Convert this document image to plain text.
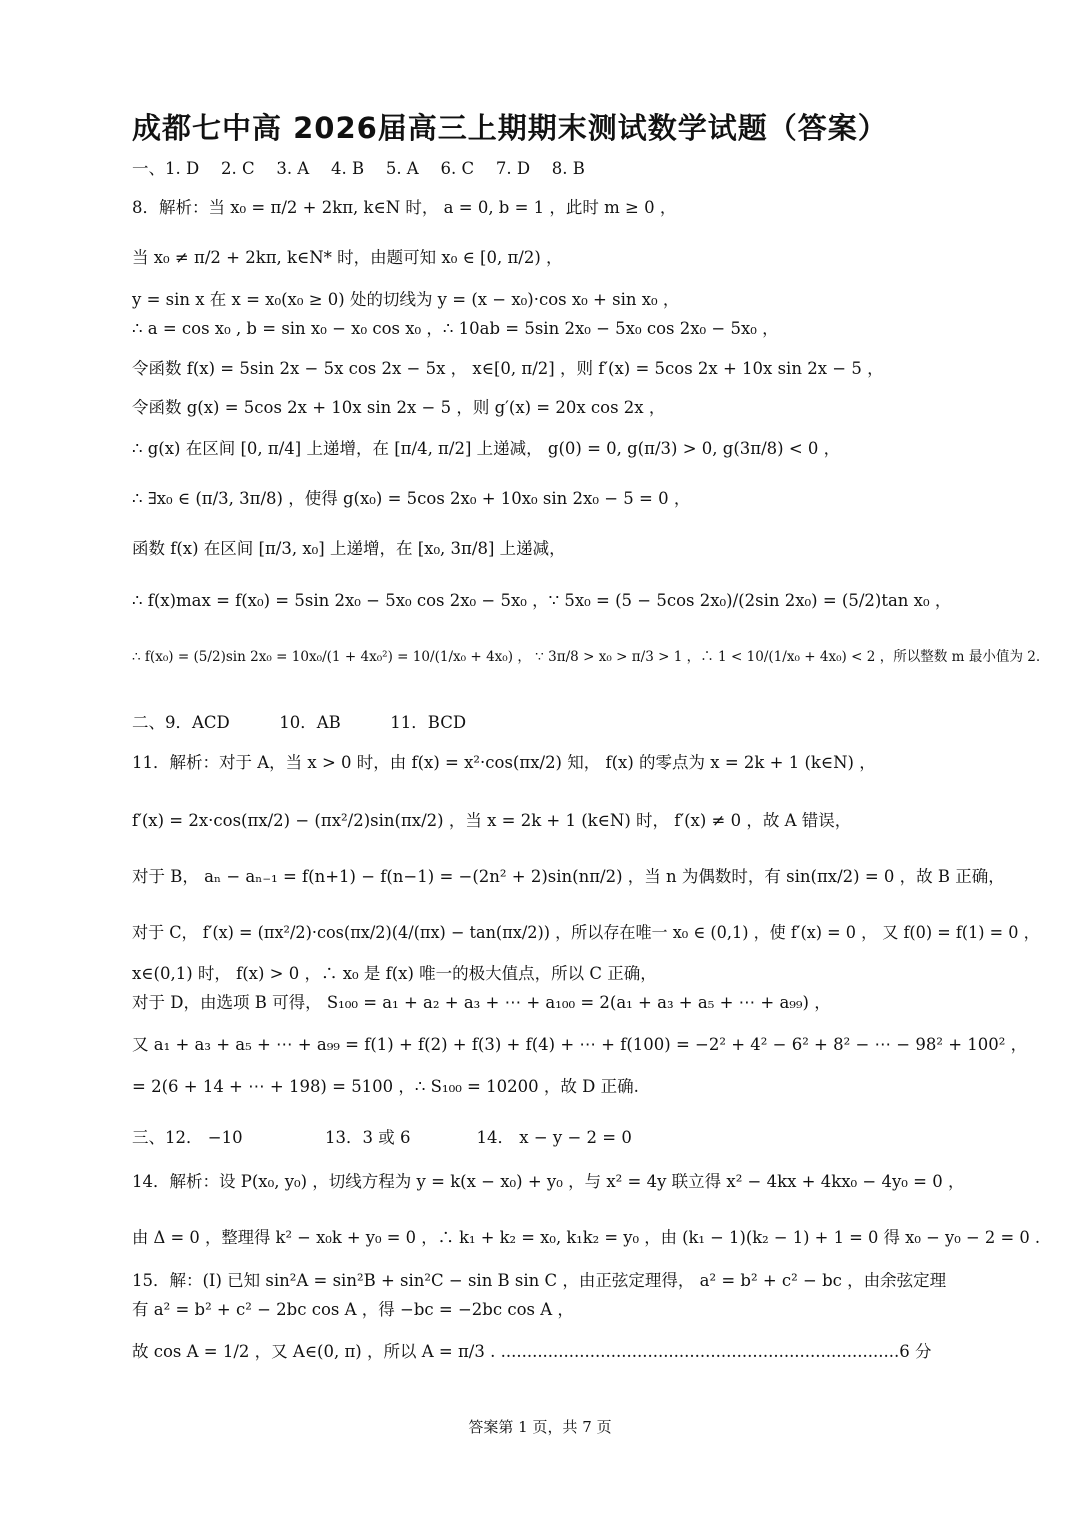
成都七中高 2026届高三上期期末测试数学试题（答案）
一、1. D　 2. C　 3. A　 4. B　 5. A　 6. C　 7. D　 8. B
8．解析：当 x₀ = π/2 + 2kπ, k∈N 时， a = 0, b = 1 ，此时 m ≥ 0 ，
当 x₀ ≠ π/2 + 2kπ, k∈N* 时，由题可知 x₀ ∈ [0, π/2) ，
y = sin x 在 x = x₀(x₀ ≥ 0) 处的切线为 y = (x − x₀)·cos x₀ + sin x₀ ，
∴ a = cos x₀ , b = sin x₀ − x₀ cos x₀ ，∴ 10ab = 5sin 2x₀ − 5x₀ cos 2x₀ − 5x₀ ，
令函数 f(x) = 5sin 2x − 5x cos 2x − 5x ， x∈[0, π/2] ，则 f′(x) = 5cos 2x + 10x sin 2x − 5 ，
令函数 g(x) = 5cos 2x + 10x sin 2x − 5 ，则 g′(x) = 20x cos 2x ，
∴ g(x) 在区间 [0, π/4] 上递增，在 [π/4, π/2] 上递减， g(0) = 0, g(π/3) > 0, g(3π/8) < 0 ，
∴ ∃x₀ ∈ (π/3, 3π/8) ，使得 g(x₀) = 5cos 2x₀ + 10x₀ sin 2x₀ − 5 = 0 ，
函数 f(x) 在区间 [π/3, x₀] 上递增，在 [x₀, 3π/8] 上递减，
∴ f(x)max = f(x₀) = 5sin 2x₀ − 5x₀ cos 2x₀ − 5x₀ ，∵ 5x₀ = (5 − 5cos 2x₀)/(2sin 2x₀) = (5/2)tan x₀ ，
∴ f(x₀) = (5/2)sin 2x₀ = 10x₀/(1 + 4x₀²) = 10/(1/x₀ + 4x₀) ， ∵ 3π/8 > x₀ > π/3 > 1 ，∴ 1 < 10/(1/x₀ + 4x₀) < 2 ，所以整数 m 最小值为 2.
二、9．ACD　　　10．AB　　　11．BCD
11．解析：对于 A，当 x > 0 时，由 f(x) = x²·cos(πx/2) 知， f(x) 的零点为 x = 2k + 1 (k∈N) ，
f′(x) = 2x·cos(πx/2) − (πx²/2)sin(πx/2) ，当 x = 2k + 1 (k∈N) 时， f′(x) ≠ 0 ，故 A 错误，
对于 B， aₙ − aₙ₋₁ = f(n+1) − f(n−1) = −(2n² + 2)sin(nπ/2) ，当 n 为偶数时，有 sin(πx/2) = 0 ，故 B 正确，
对于 C， f′(x) = (πx²/2)·cos(πx/2)(4/(πx) − tan(πx/2)) ，所以存在唯一 x₀ ∈ (0,1) ，使 f′(x) = 0 ， 又 f(0) = f(1) = 0 ，
x∈(0,1) 时， f(x) > 0 ，∴ x₀ 是 f(x) 唯一的极大值点，所以 C 正确，
对于 D，由选项 B 可得， S₁₀₀ = a₁ + a₂ + a₃ + ⋯ + a₁₀₀ = 2(a₁ + a₃ + a₅ + ⋯ + a₉₉) ，
又 a₁ + a₃ + a₅ + ⋯ + a₉₉ = f(1) + f(2) + f(3) + f(4) + ⋯ + f(100) = −2² + 4² − 6² + 8² − ⋯ − 98² + 100² ，
= 2(6 + 14 + ⋯ + 198) = 5100 ，∴ S₁₀₀ = 10200 ，故 D 正确.
三、12． −10　　　　　13．3 或 6　　　　14． x − y − 2 = 0
14．解析：设 P(x₀, y₀) ，切线方程为 y = k(x − x₀) + y₀ ，与 x² = 4y 联立得 x² − 4kx + 4kx₀ − 4y₀ = 0 ，
由 Δ = 0 ，整理得 k² − x₀k + y₀ = 0 ，∴ k₁ + k₂ = x₀, k₁k₂ = y₀ ，由 (k₁ − 1)(k₂ − 1) + 1 = 0 得 x₀ − y₀ − 2 = 0 .
15．解：(Ⅰ) 已知 sin²A = sin²B + sin²C − sin B sin C ，由正弦定理得， a² = b² + c² − bc ，由余弦定理
有 a² = b² + c² − 2bc cos A ，得 −bc = −2bc cos A ，
故 cos A = 1/2 ，又 A∈(0, π) ，所以 A = π/3 . ............................................................................6 分
答案第 1 页，共 7 页
